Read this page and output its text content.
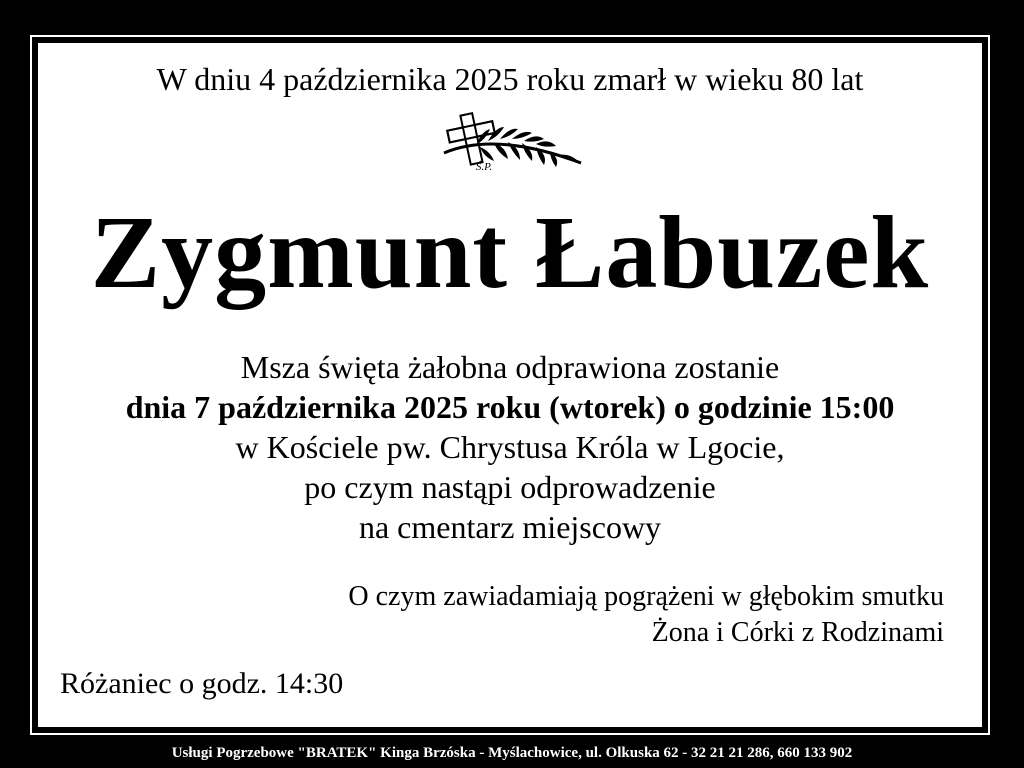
W dniu 4 października 2025 roku zmarł w wieku 80 lat
Ś.P.
Zygmunt Łabuzek
Msza święta żałobna odprawiona zostanie
dnia 7 października 2025 roku (wtorek) o godzinie 15:00
w Kościele pw. Chrystusa Króla w Lgocie,
po czym nastąpi odprowadzenie
na cmentarz miejscowy
O czym zawiadamiają pogrążeni w głębokim smutku
Żona i Córki z Rodzinami
Różaniec o godz. 14:30
Usługi Pogrzebowe "BRATEK" Kinga Brzóska - Myślachowice, ul. Olkuska 62 - 32 21 21 286, 660 133 902
